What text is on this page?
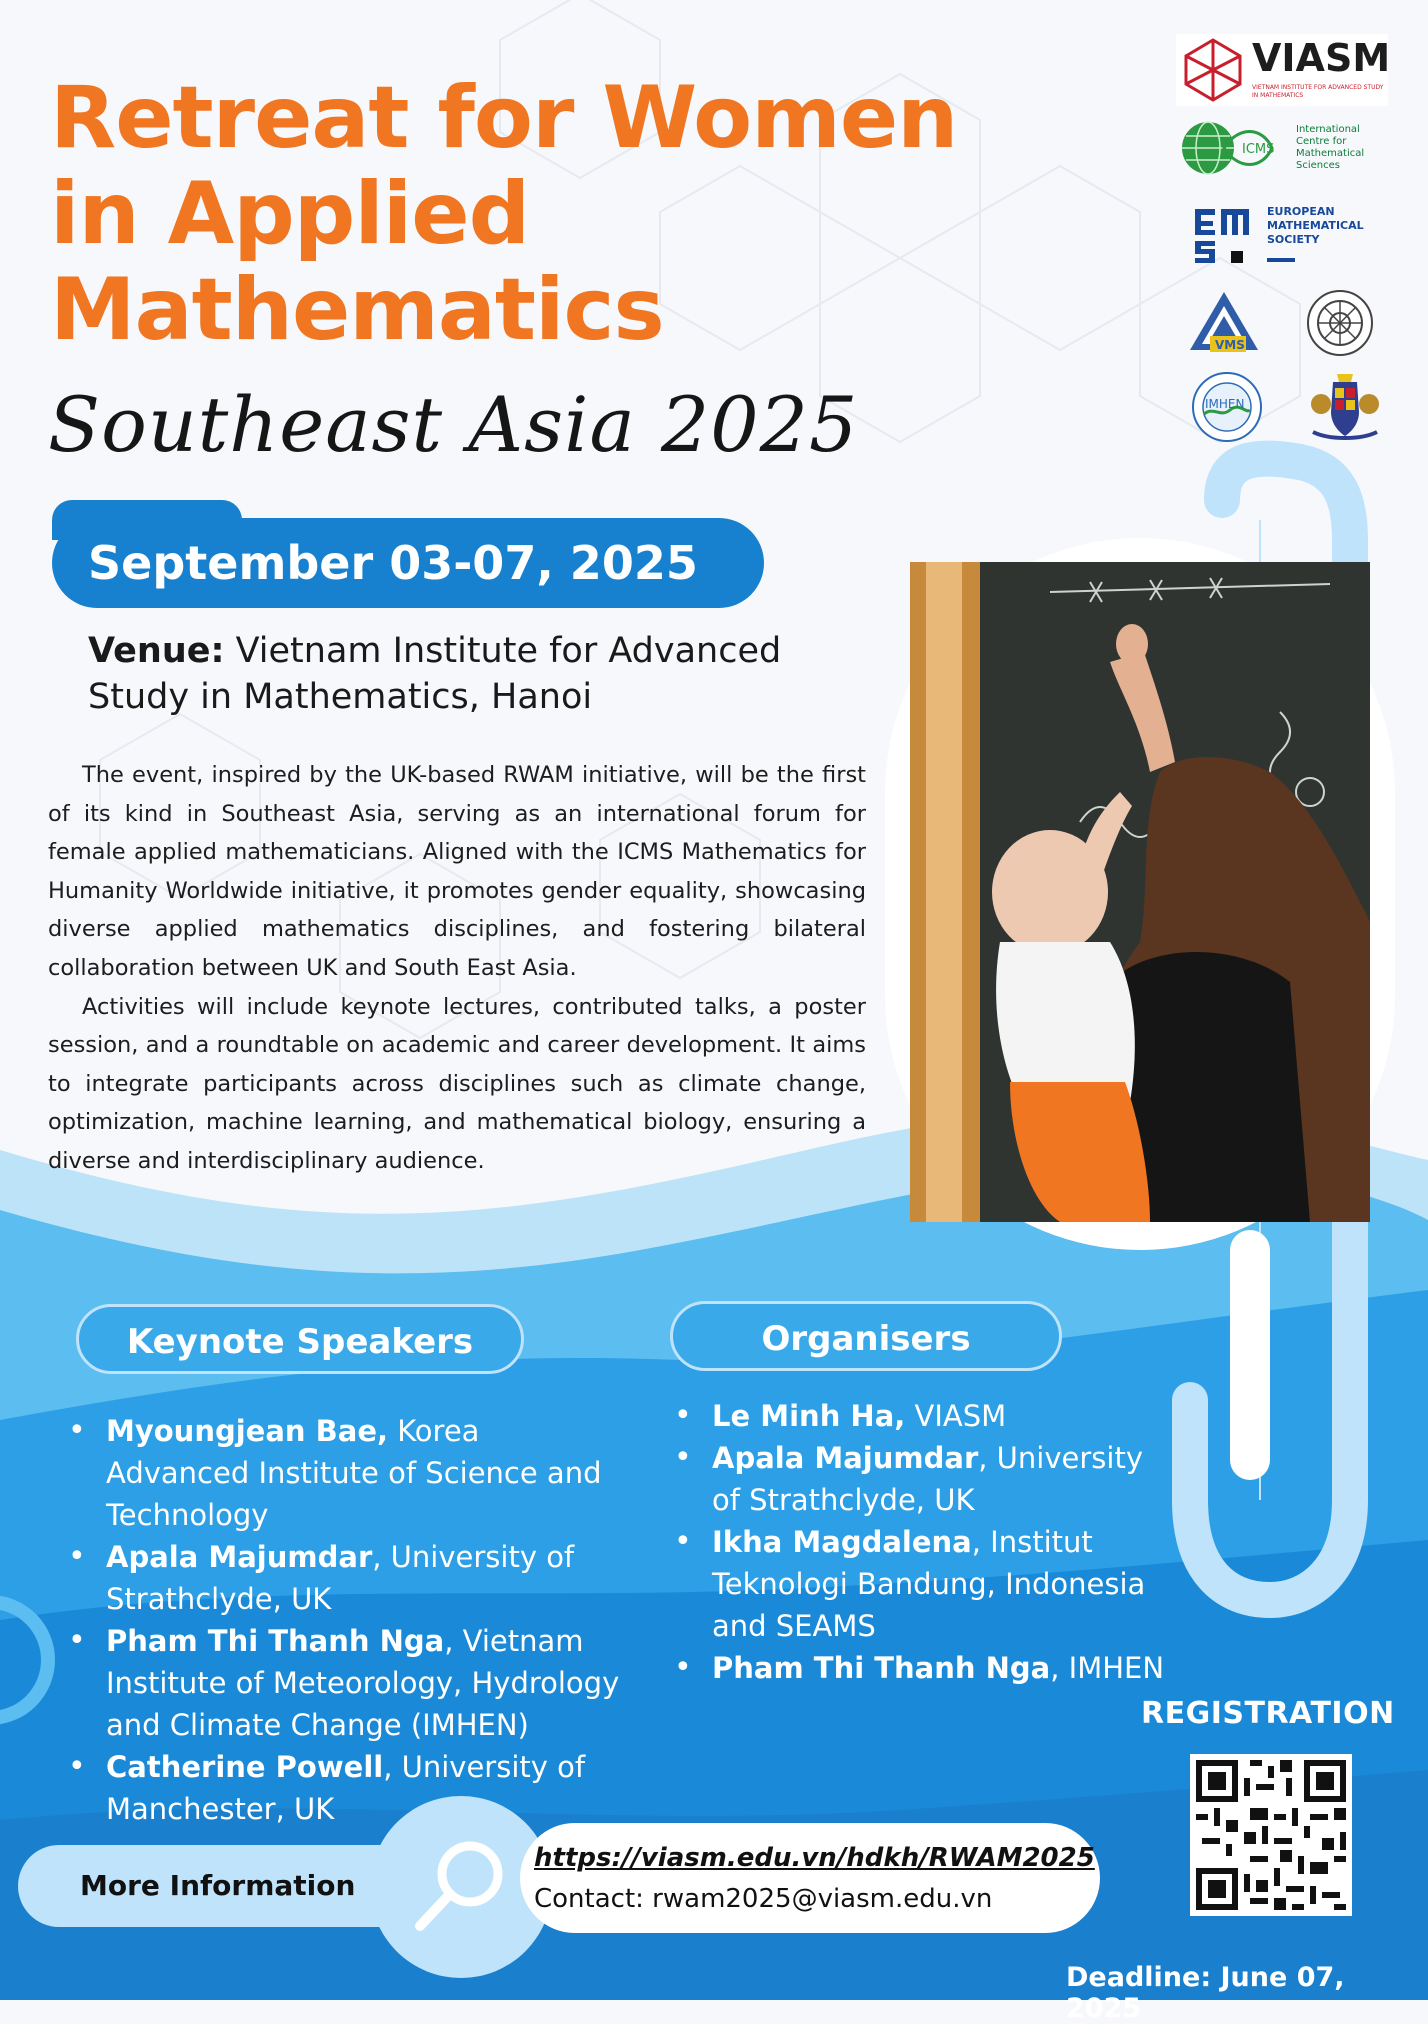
Retreat for Women
in Applied
Mathematics
Southeast Asia 2025
September 03-07, 2025
Venue: Vietnam Institute for Advanced Study in Mathematics, Hanoi

The event, inspired by the UK-based RWAM initiative, will be the first of its kind in Southeast Asia, serving as an international forum for female applied mathematicians. Aligned with the ICMS Mathematics for Humanity Worldwide initiative, it promotes gender equality, showcasing diverse applied mathematics disciplines, and fostering bilateral collaboration between UK and South East Asia.

Activities will include keynote lectures, contributed talks, a poster session, and a roundtable on academic and career development. It aims to integrate participants across disciplines such as climate change, optimization, machine learning, and mathematical biology, ensuring a diverse and interdisciplinary audience.

VIASM
VIETNAM INSTITUTE FOR ADVANCED STUDY IN MATHEMATICS
ICMS
International Centre for Mathematical Sciences
EUROPEAN MATHEMATICAL SOCIETY
VMS
IMHEN
Keynote Speakers	Organisers
• Myoungjean Bae, Korea Advanced Institute of Science and Technology
• Apala Majumdar, University of Strathclyde, UK
• Pham Thi Thanh Nga, Vietnam Institute of Meteorology, Hydrology and Climate Change (IMHEN)
• Catherine Powell, University of Manchester, UK
• Le Minh Ha, VIASM
• Apala Majumdar, University of Strathclyde, UK
• Ikha Magdalena, Institut Teknologi Bandung, Indonesia and SEAMS
• Pham Thi Thanh Nga, IMHEN
REGISTRATION
Deadline: June 07, 2025
More Information
https://viasm.edu.vn/hdkh/RWAM2025
Contact: rwam2025@viasm.edu.vn
